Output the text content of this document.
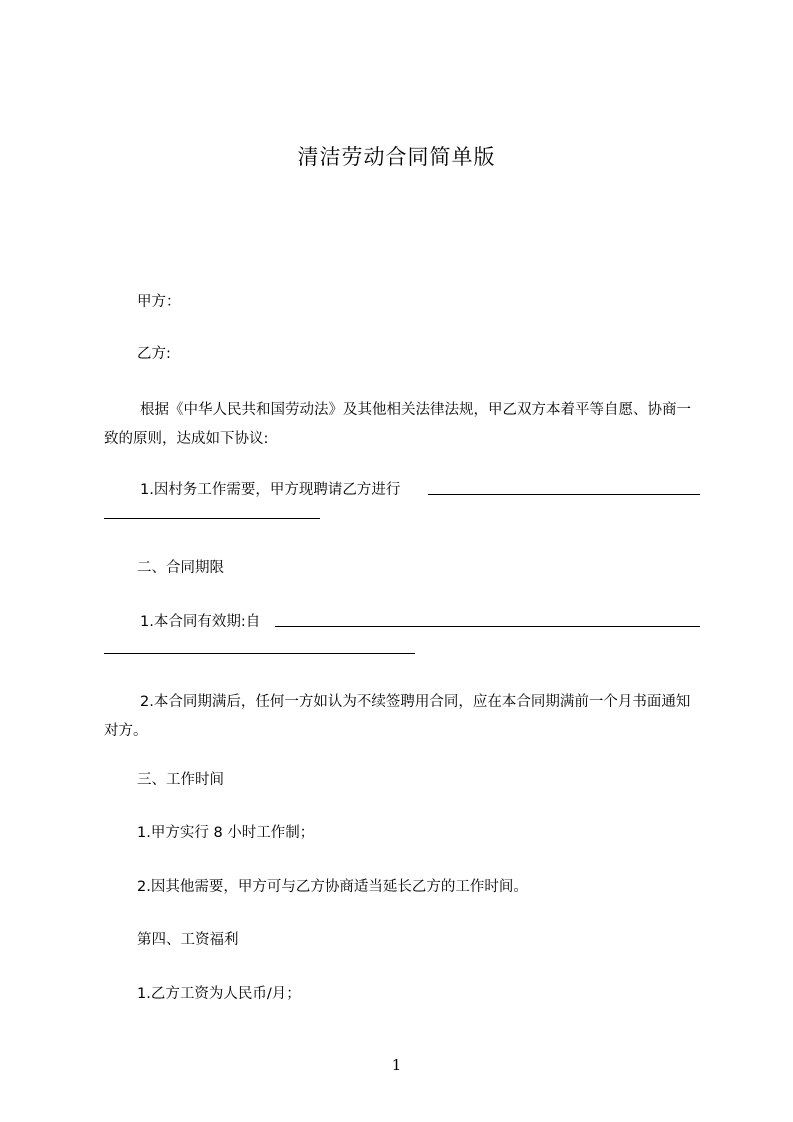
清洁劳动合同简单版
甲方：
乙方:
根据《中华人民共和国劳动法》及其他相关法律法规，甲乙双方本着平等自愿、协商一致的原则，达成如下协议:
1.因村务工作需要，甲方现聘请乙方进行
二、合同期限
1.本合同有效期:自
2.本合同期满后，任何一方如认为不续签聘用合同，应在本合同期满前一个月书面通知对方。
三、工作时间
1.甲方实行 8 小时工作制；
2.因其他需要，甲方可与乙方协商适当延长乙方的工作时间。
第四、工资福利
1.乙方工资为人民币/月；
1
